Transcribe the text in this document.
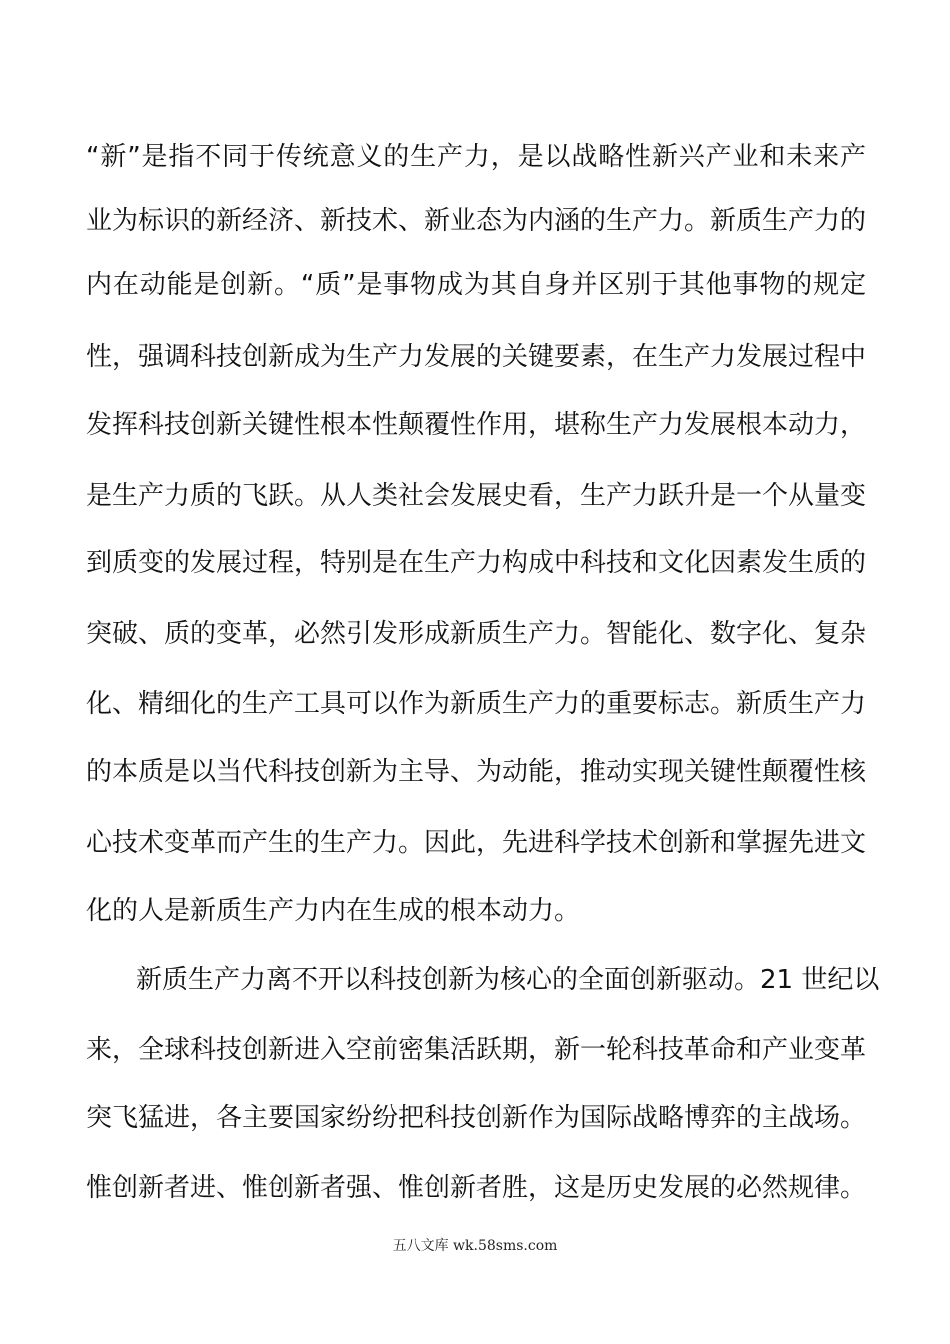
“新”是指不同于传统意义的生产力，是以战略性新兴产业和未来产
业为标识的新经济、新技术、新业态为内涵的生产力。新质生产力的
内在动能是创新。“质”是事物成为其自身并区别于其他事物的规定
性，强调科技创新成为生产力发展的关键要素，在生产力发展过程中
发挥科技创新关键性根本性颠覆性作用，堪称生产力发展根本动力，
是生产力质的飞跃。从人类社会发展史看，生产力跃升是一个从量变
到质变的发展过程，特别是在生产力构成中科技和文化因素发生质的
突破、质的变革，必然引发形成新质生产力。智能化、数字化、复杂
化、精细化的生产工具可以作为新质生产力的重要标志。新质生产力
的本质是以当代科技创新为主导、为动能，推动实现关键性颠覆性核
心技术变革而产生的生产力。因此，先进科学技术创新和掌握先进文
化的人是新质生产力内在生成的根本动力。
新质生产力离不开以科技创新为核心的全面创新驱动。21 世纪以
来，全球科技创新进入空前密集活跃期，新一轮科技革命和产业变革
突飞猛进，各主要国家纷纷把科技创新作为国际战略博弈的主战场。
惟创新者进、惟创新者强、惟创新者胜，这是历史发展的必然规律。
五八文库 wk.58sms.com
